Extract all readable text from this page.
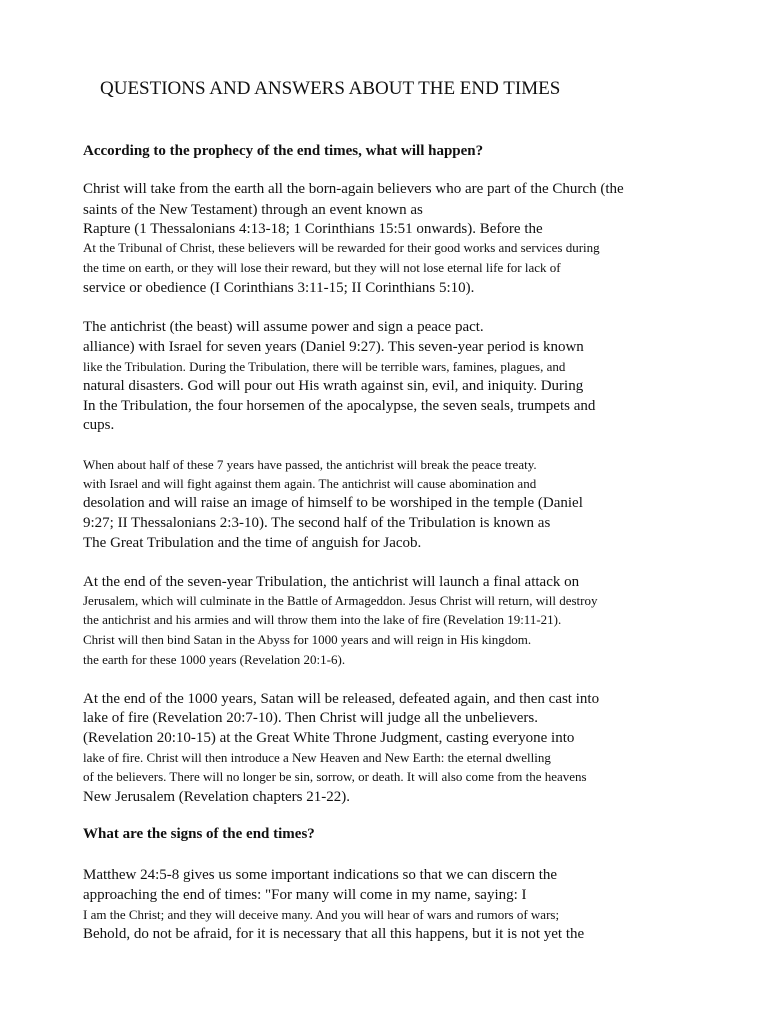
QUESTIONS AND ANSWERS ABOUT THE END TIMES

According to the prophecy of the end times, what will happen?

Christ will take from the earth all the born-again believers who are part of the Church (the

saints of the New Testament) through an event known as

Rapture (1 Thessalonians 4:13-18; 1 Corinthians 15:51 onwards). Before the

At the Tribunal of Christ, these believers will be rewarded for their good works and services during

the time on earth, or they will lose their reward, but they will not lose eternal life for lack of

service or obedience (I Corinthians 3:11-15; II Corinthians 5:10).

The antichrist (the beast) will assume power and sign a peace pact.

alliance) with Israel for seven years (Daniel 9:27). This seven-year period is known

like the Tribulation. During the Tribulation, there will be terrible wars, famines, plagues, and

natural disasters. God will pour out His wrath against sin, evil, and iniquity. During

In the Tribulation, the four horsemen of the apocalypse, the seven seals, trumpets and

cups.

When about half of these 7 years have passed, the antichrist will break the peace treaty.

with Israel and will fight against them again. The antichrist will cause abomination and

desolation and will raise an image of himself to be worshiped in the temple (Daniel

9:27; II Thessalonians 2:3-10). The second half of the Tribulation is known as

The Great Tribulation and the time of anguish for Jacob.

At the end of the seven-year Tribulation, the antichrist will launch a final attack on

Jerusalem, which will culminate in the Battle of Armageddon. Jesus Christ will return, will destroy

the antichrist and his armies and will throw them into the lake of fire (Revelation 19:11-21).

Christ will then bind Satan in the Abyss for 1000 years and will reign in His kingdom.

the earth for these 1000 years (Revelation 20:1-6).

At the end of the 1000 years, Satan will be released, defeated again, and then cast into

lake of fire (Revelation 20:7-10). Then Christ will judge all the unbelievers.

(Revelation 20:10-15) at the Great White Throne Judgment, casting everyone into

lake of fire. Christ will then introduce a New Heaven and New Earth: the eternal dwelling

of the believers. There will no longer be sin, sorrow, or death. It will also come from the heavens

New Jerusalem (Revelation chapters 21-22).

What are the signs of the end times?

Matthew 24:5-8 gives us some important indications so that we can discern the

approaching the end of times: "For many will come in my name, saying: I

I am the Christ; and they will deceive many. And you will hear of wars and rumors of wars;

Behold, do not be afraid, for it is necessary that all this happens, but it is not yet the
